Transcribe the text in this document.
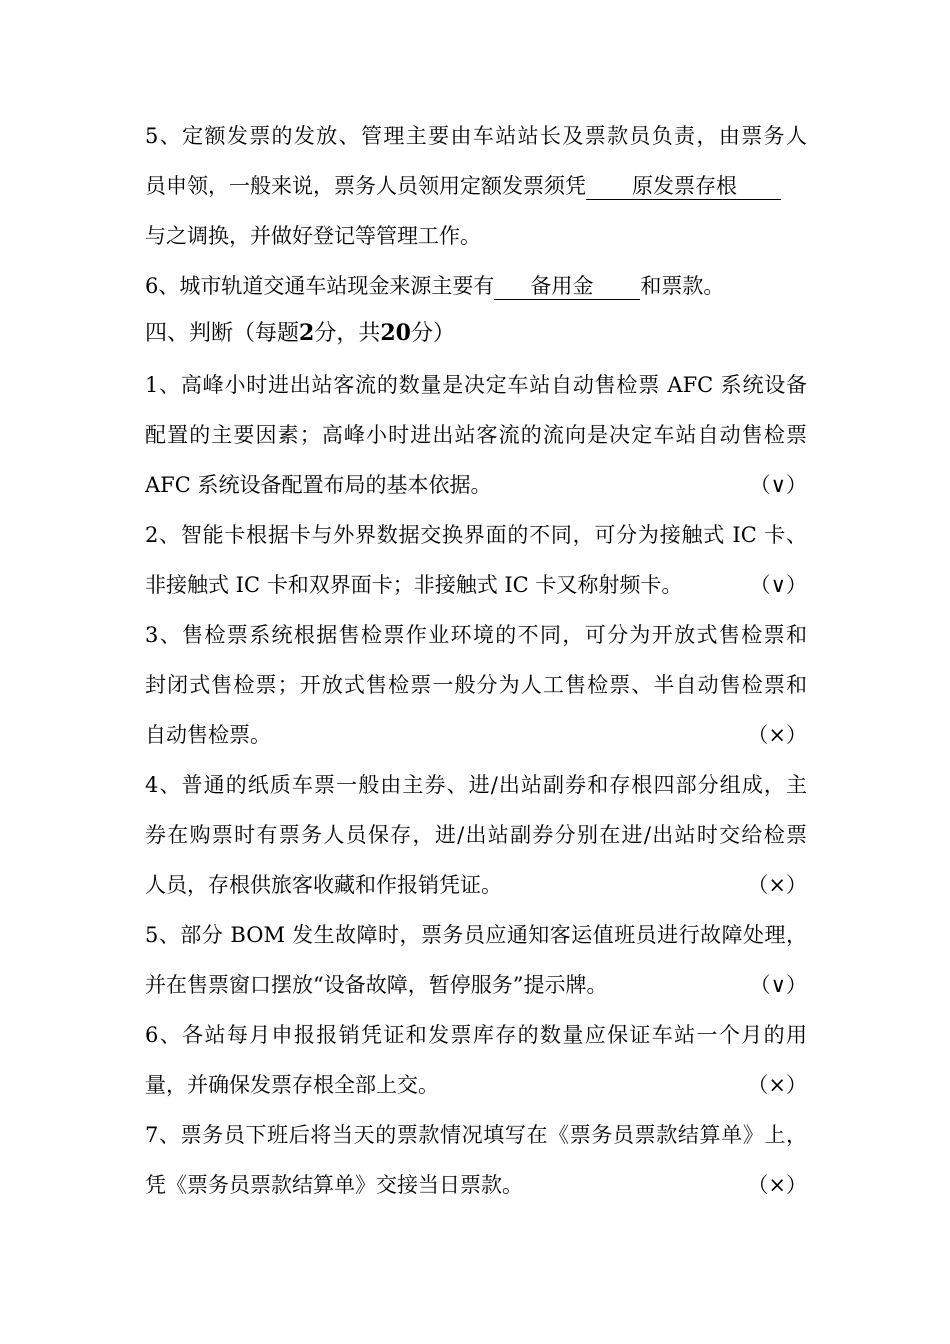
5、定额发票的发放、管理主要由车站站长及票款员负责，由票务人
员申领，一般来说，票务人员领用定额发票须凭 原发票存根
与之调换，并做好登记等管理工作。
6、城市轨道交通车站现金来源主要有 备用金 和票款。
四、判断（每题2分，共20分）
1、高峰小时进出站客流的数量是决定车站自动售检票 AFC 系统设备
配置的主要因素；高峰小时进出站客流的流向是决定车站自动售检票
AFC 系统设备配置布局的基本依据。	（∨）
2、智能卡根据卡与外界数据交换界面的不同，可分为接触式 IC 卡、
非接触式 IC 卡和双界面卡；非接触式 IC 卡又称射频卡。	（∨）
3、售检票系统根据售检票作业环境的不同，可分为开放式售检票和
封闭式售检票；开放式售检票一般分为人工售检票、半自动售检票和
自动售检票。	（×）
4、普通的纸质车票一般由主券、进/出站副券和存根四部分组成，主
券在购票时有票务人员保存，进/出站副券分别在进/出站时交给检票
人员，存根供旅客收藏和作报销凭证。	（×）
5、部分 BOM 发生故障时，票务员应通知客运值班员进行故障处理，
并在售票窗口摆放“设备故障，暂停服务”提示牌。	（∨）
6、各站每月申报报销凭证和发票库存的数量应保证车站一个月的用
量，并确保发票存根全部上交。	（×）
7、票务员下班后将当天的票款情况填写在《票务员票款结算单》上，
凭《票务员票款结算单》交接当日票款。	（×）
